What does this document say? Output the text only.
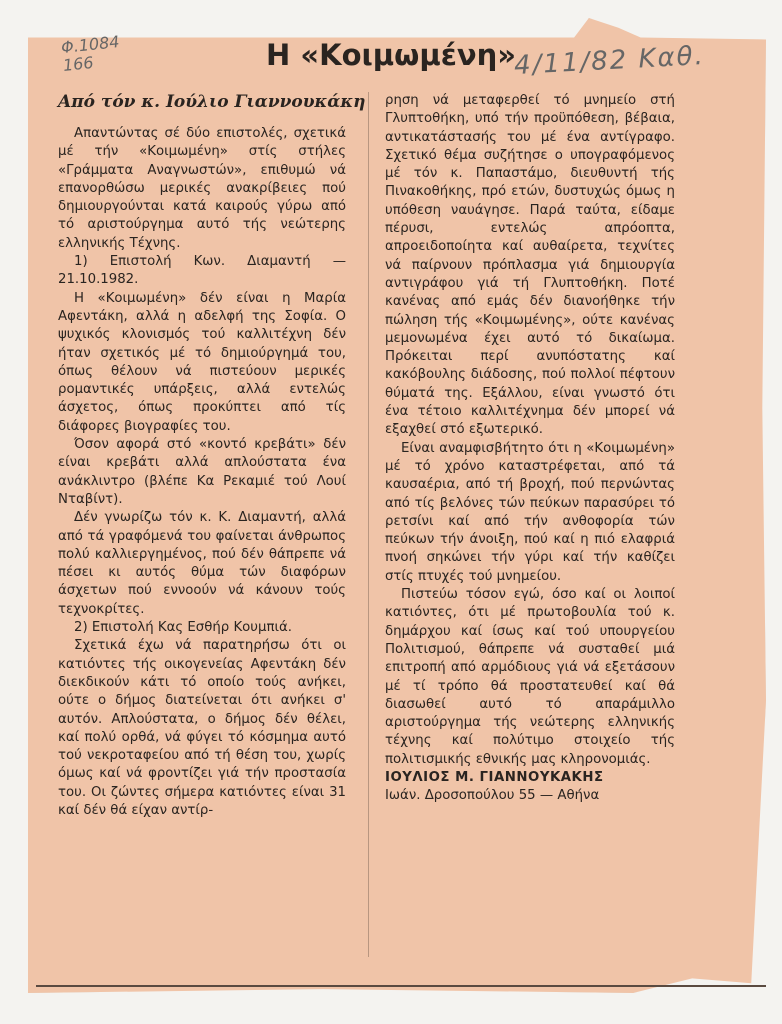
Φ.1084
166	4/11/82 Καθ.
Η «Κοιμωμένη»
Από τόν κ. Ιούλιο Γιαννουκάκη

Απαντώντας σέ δύο επιστολές, σχετικά μέ τήν «Κοιμωμένη» στίς στήλες «Γράμματα Αναγνωστών», επιθυμώ νά επανορθώσω μερικές ανακρίβειες πού δημιουργούνται κατά καιρούς γύρω από τό αριστούργημα αυτό τής νεώτερης ελληνικής Τέχνης.

1) Επιστολή Κων. Διαμαντή — 21.10.1982.

Η «Κοιμωμένη» δέν είναι η Μαρία Αφεντάκη, αλλά η αδελφή της Σοφία. Ο ψυχικός κλονισμός τού καλλιτέχνη δέν ήταν σχετικός μέ τό δημιούργημά του, όπως θέλουν νά πιστεύουν μερικές ρομαντικές υπάρξεις, αλλά εντελώς άσχετος, όπως προκύπτει από τίς διάφορες βιογραφίες του.

Όσον αφορά στό «κοντό κρεβάτι» δέν είναι κρεβάτι αλλά απλούστατα ένα ανάκλιντρο (βλέπε Κα Ρεκαμιέ τού Λουί Νταβίντ).

Δέν γνωρίζω τόν κ. Κ. Διαμαντή, αλλά από τά γραφόμενά του φαίνεται άνθρωπος πολύ καλλιεργημένος, πού δέν θάπρεπε νά πέσει κι αυτός θύμα τών διαφόρων άσχετων πού εννοούν νά κάνουν τούς τεχνοκρίτες.

2) Επιστολή Κας Εσθήρ Κουμπιά.

Σχετικά έχω νά παρατηρήσω ότι οι κατιόντες τής οικογενείας Αφεντάκη δέν διεκδικούν κάτι τό οποίο τούς ανήκει, ούτε ο δήμος διατείνεται ότι ανήκει σ' αυτόν. Απλούστατα, ο δήμος δέν θέλει, καί πολύ ορθά, νά φύγει τό κόσμημα αυτό τού νεκροταφείου από τή θέση του, χωρίς όμως καί νά φροντίζει γιά τήν προστασία του. Οι ζώντες σήμερα κατιόντες είναι 31 καί δέν θά είχαν αντίρ-

ρηση νά μεταφερθεί τό μνημείο στή Γλυπτοθήκη, υπό τήν προϋπόθεση, βέβαια, αντικατάστασής του μέ ένα αντίγραφο. Σχετικό θέμα συζήτησε ο υπογραφόμενος μέ τόν κ. Παπαστάμο, διευθυντή τής Πινακοθήκης, πρό ετών, δυστυχώς όμως η υπόθεση ναυάγησε. Παρά ταύτα, είδαμε πέρυσι, εντελώς απρόοπτα, απροειδοποίητα καί αυθαίρετα, τεχνίτες νά παίρνουν πρόπλασμα γιά δημιουργία αντιγράφου γιά τή Γλυπτοθήκη. Ποτέ κανένας από εμάς δέν διανοήθηκε τήν πώληση τής «Κοιμωμένης», ούτε κανένας μεμονωμένα έχει αυτό τό δικαίωμα. Πρόκειται περί ανυπόστατης καί κακόβουλης διάδοσης, πού πολλοί πέφτουν θύματά της. Εξάλλου, είναι γνωστό ότι ένα τέτοιο καλλιτέχνημα δέν μπορεί νά εξαχθεί στό εξωτερικό.

Είναι αναμφισβήτητο ότι η «Κοιμωμένη» μέ τό χρόνο καταστρέφεται, από τά καυσαέρια, από τή βροχή, πού περνώντας από τίς βελόνες τών πεύκων παρασύρει τό ρετσίνι καί από τήν ανθοφορία τών πεύκων τήν άνοιξη, πού καί η πιό ελαφριά πνοή σηκώνει τήν γύρι καί τήν καθίζει στίς πτυχές τού μνημείου.

Πιστεύω τόσον εγώ, όσο καί οι λοιποί κατιόντες, ότι μέ πρωτοβουλία τού κ. δημάρχου καί ίσως καί τού υπουργείου Πολιτισμού, θάπρεπε νά συσταθεί μιά επιτροπή από αρμόδιους γιά νά εξετάσουν μέ τί τρόπο θά προστατευθεί καί θά διασωθεί αυτό τό απαράμιλλο αριστούργημα τής νεώτερης ελληνικής τέχνης καί πολύτιμο στοιχείο τής πολιτισμικής εθνικής μας κληρονομιάς.

ΙΟΥΛΙΟΣ Μ. ΓΙΑΝΝΟΥΚΑΚΗΣ

Ιωάν. Δροσοπούλου 55 — Αθήνα
